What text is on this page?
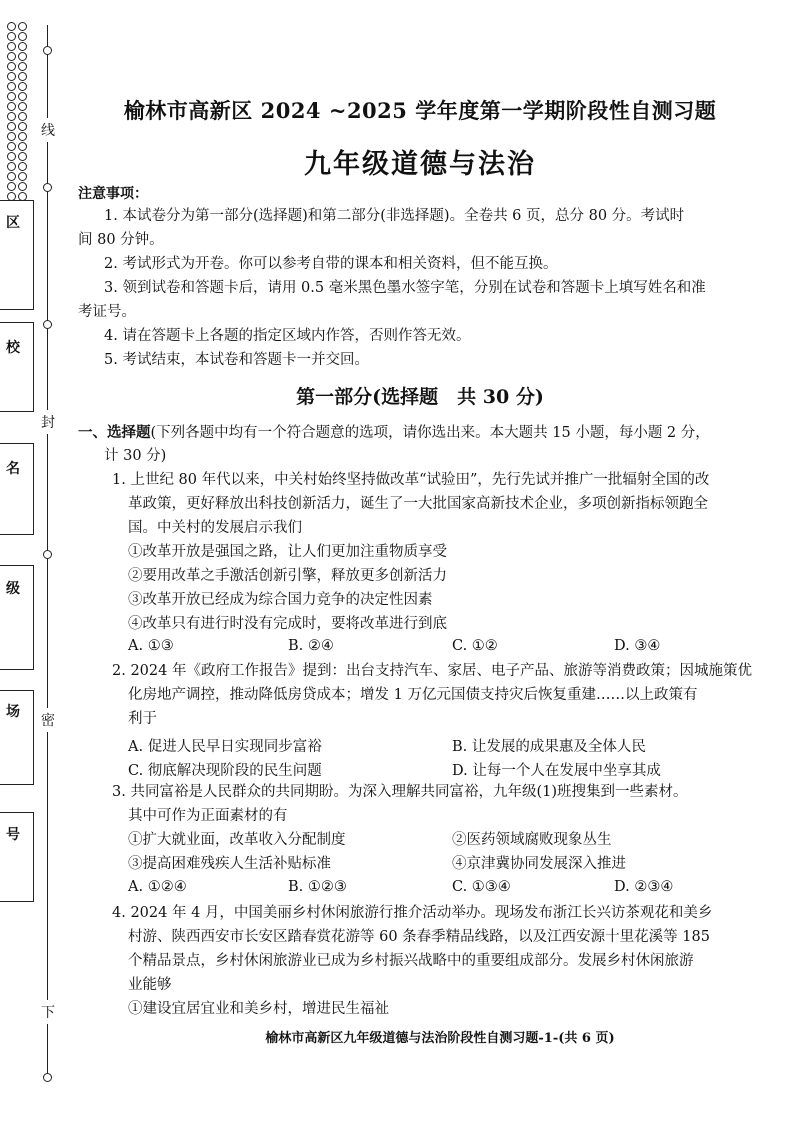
线
封
密
下
区
校
名
级
场
号
榆林市高新区 2024 ~2025 学年度第一学期阶段性自测习题
九年级道德与法治
注意事项：
1. 本试卷分为第一部分(选择题)和第二部分(非选择题)。全卷共 6 页，总分 80 分。考试时
间 80 分钟。
2. 考试形式为开卷。你可以参考自带的课本和相关资料，但不能互换。
3. 领到试卷和答题卡后，请用 0.5 毫米黑色墨水签字笔，分别在试卷和答题卡上填写姓名和准
考证号。
4. 请在答题卡上各题的指定区域内作答，否则作答无效。
5. 考试结束，本试卷和答题卡一并交回。
第一部分(选择题　共 30 分)
一、选择题(下列各题中均有一个符合题意的选项，请你选出来。本大题共 15 小题，每小题 2 分，
计 30 分)
1. 上世纪 80 年代以来，中关村始终坚持做改革“试验田”，先行先试并推广一批辐射全国的改
革政策，更好释放出科技创新活力，诞生了一大批国家高新技术企业，多项创新指标领跑全
国。中关村的发展启示我们
①改革开放是强国之路，让人们更加注重物质享受
②要用改革之手激活创新引擎，释放更多创新活力
③改革开放已经成为综合国力竞争的决定性因素
④改革只有进行时没有完成时，要将改革进行到底
A. ①③	B. ②④	C. ①②	D. ③④
2. 2024 年《政府工作报告》提到：出台支持汽车、家居、电子产品、旅游等消费政策；因城施策优
化房地产调控，推动降低房贷成本；增发 1 万亿元国债支持灾后恢复重建……以上政策有
利于
A. 促进人民早日实现同步富裕	B. 让发展的成果惠及全体人民
C. 彻底解决现阶段的民生问题	D. 让每一个人在发展中坐享其成
3. 共同富裕是人民群众的共同期盼。为深入理解共同富裕，九年级(1)班搜集到一些素材。
其中可作为正面素材的有
①扩大就业面，改革收入分配制度	②医药领域腐败现象丛生
③提高困难残疾人生活补贴标准	④京津冀协同发展深入推进
A. ①②④	B. ①②③	C. ①③④	D. ②③④
4. 2024 年 4 月，中国美丽乡村休闲旅游行推介活动举办。现场发布浙江长兴访茶观花和美乡
村游、陕西西安市长安区踏春赏花游等 60 条春季精品线路，以及江西安源十里花溪等 185
个精品景点，乡村休闲旅游业已成为乡村振兴战略中的重要组成部分。发展乡村休闲旅游
业能够
①建设宜居宜业和美乡村，增进民生福祉
榆林市高新区九年级道德与法治阶段性自测习题-1-(共 6 页)
